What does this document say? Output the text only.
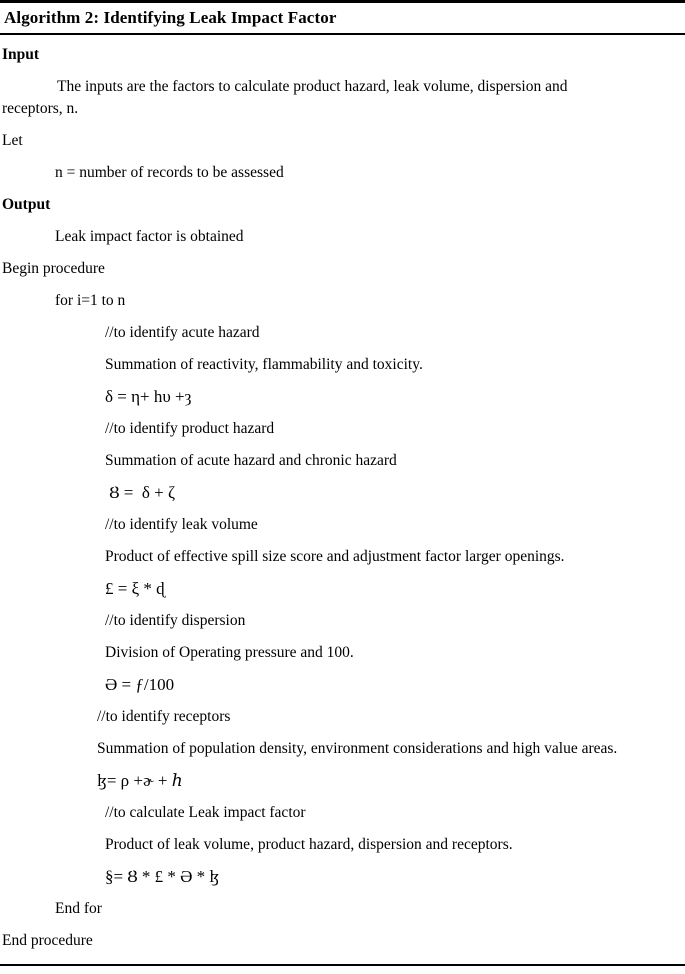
Algorithm 2: Identifying Leak Impact Factor
Input
The inputs are the factors to calculate product hazard, leak volume, dispersion and receptors, n.
Let
n = number of records to be assessed
Output
Leak impact factor is obtained
Begin procedure
for i=1 to n
//to identify acute hazard
Summation of reactivity, flammability and toxicity.
δ = η+ hυ +ȝ
//to identify product hazard
Summation of acute hazard and chronic hazard
Ȣ =  δ + ζ
//to identify leak volume
Product of effective spill size score and adjustment factor larger openings.
£ = ξ * ɖ
//to identify dispersion
Division of Operating pressure and 100.
Ə = ƒ/100
//to identify receptors
Summation of population density, environment considerations and high value areas.
ɮ= ρ +ɚ + ℎ
//to calculate Leak impact factor
Product of leak volume, product hazard, dispersion and receptors.
§= Ȣ * £ * Ə * ɮ
End for
End procedure
